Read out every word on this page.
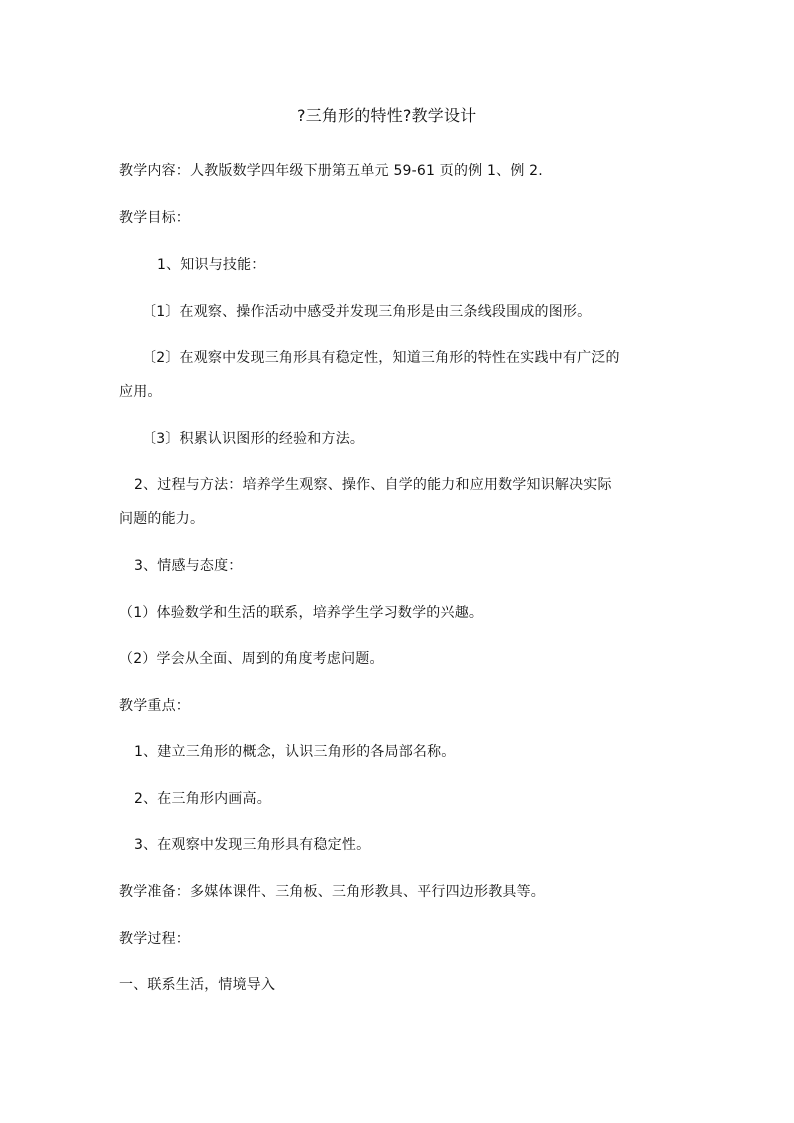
?三角形的特性?教学设计
教学内容：人教版数学四年级下册第五单元 59-61 页的例 1、例 2.
教学目标：
1、知识与技能：
〔1〕在观察、操作活动中感受并发现三角形是由三条线段围成的图形。
〔2〕在观察中发现三角形具有稳定性，知道三角形的特性在实践中有广泛的
应用。
〔3〕积累认识图形的经验和方法。
2、过程与方法：培养学生观察、操作、自学的能力和应用数学知识解决实际
问题的能力。
3、情感与态度：
（1）体验数学和生活的联系，培养学生学习数学的兴趣。
（2）学会从全面、周到的角度考虑问题。
教学重点：
1、建立三角形的概念，认识三角形的各局部名称。
2、在三角形内画高。
3、在观察中发现三角形具有稳定性。
教学准备：多媒体课件、三角板、三角形教具、平行四边形教具等。
教学过程：
一、联系生活，情境导入
